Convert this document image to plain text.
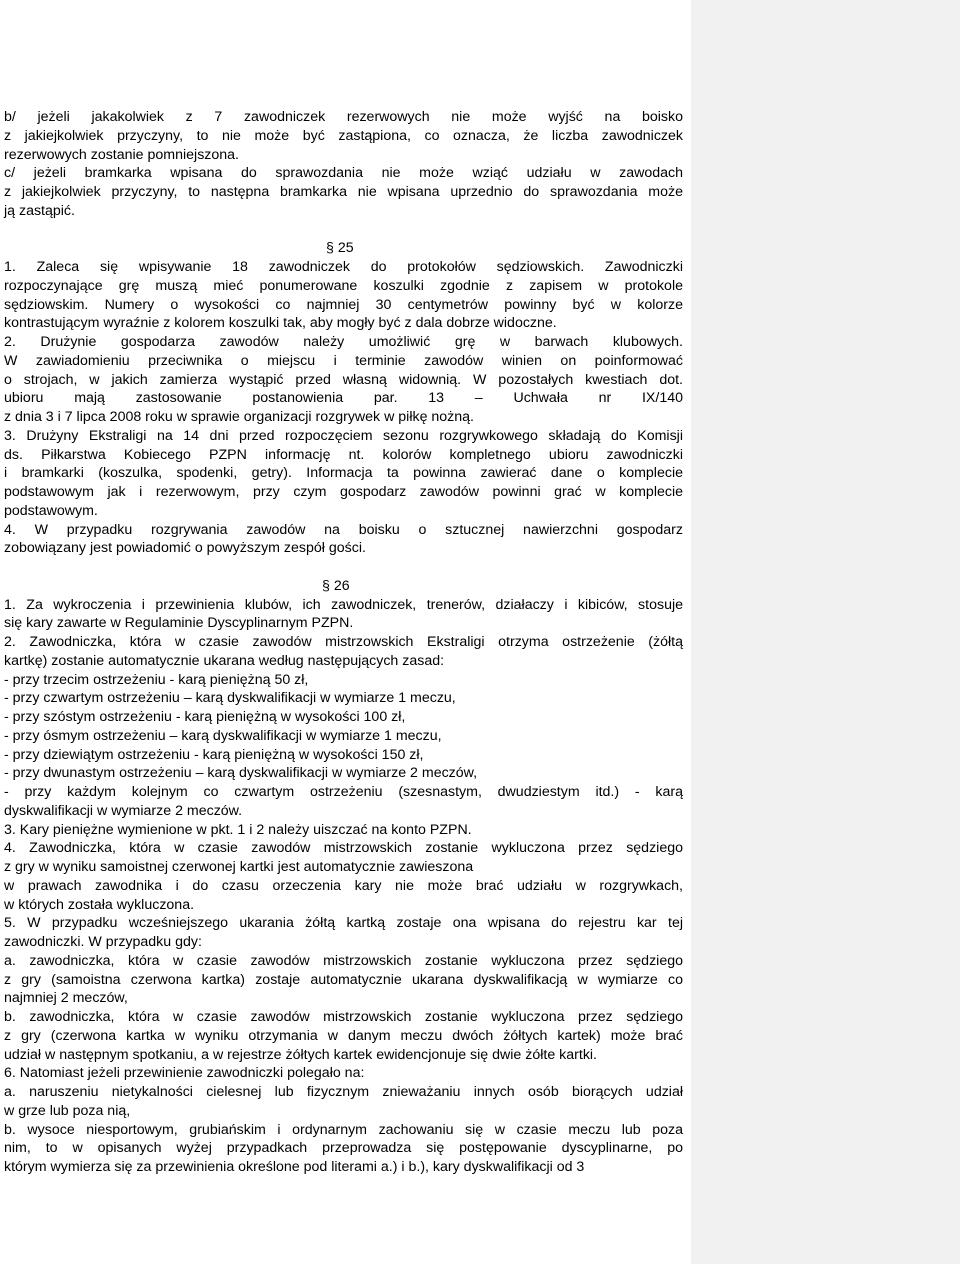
b/ jeżeli jakakolwiek z 7 zawodniczek rezerwowych nie może wyjść na boisko
z jakiejkolwiek przyczyny, to nie może być zastąpiona, co oznacza, że liczba zawodniczek
rezerwowych zostanie pomniejszona.
c/ jeżeli bramkarka wpisana do sprawozdania nie może wziąć udziału w zawodach
z jakiejkolwiek przyczyny, to następna bramkarka nie wpisana uprzednio do sprawozdania może
ją zastąpić.
§ 25
1. Zaleca się wpisywanie 18 zawodniczek do protokołów sędziowskich. Zawodniczki
rozpoczynające grę muszą mieć ponumerowane koszulki zgodnie z zapisem w protokole
sędziowskim. Numery o wysokości co najmniej 30 centymetrów powinny być w kolorze
kontrastującym wyraźnie z kolorem koszulki tak, aby mogły być z dala dobrze widoczne.
2. Drużynie gospodarza zawodów należy umożliwić grę w barwach klubowych.
W zawiadomieniu przeciwnika o miejscu i terminie zawodów winien on poinformować
o strojach, w jakich zamierza wystąpić przed własną widownią. W pozostałych kwestiach dot.
ubioru mają zastosowanie postanowienia par. 13 – Uchwała nr IX/140
z dnia 3 i 7 lipca 2008 roku w sprawie organizacji rozgrywek w piłkę nożną.
3. Drużyny Ekstraligi na 14 dni przed rozpoczęciem sezonu rozgrywkowego składają do Komisji
ds. Piłkarstwa Kobiecego PZPN informację nt. kolorów kompletnego ubioru zawodniczki
i bramkarki (koszulka, spodenki, getry). Informacja ta powinna zawierać dane o komplecie
podstawowym jak i rezerwowym, przy czym gospodarz zawodów powinni grać w komplecie
podstawowym.
4. W przypadku rozgrywania zawodów na boisku o sztucznej nawierzchni gospodarz
zobowiązany jest powiadomić o powyższym zespół gości.
§ 26
1. Za wykroczenia i przewinienia klubów, ich zawodniczek, trenerów, działaczy i kibiców, stosuje
się kary zawarte w Regulaminie Dyscyplinarnym PZPN.
2. Zawodniczka, która w czasie zawodów mistrzowskich Ekstraligi otrzyma ostrzeżenie (żółtą
kartkę) zostanie automatycznie ukarana według następujących zasad:
- przy trzecim ostrzeżeniu - karą pieniężną 50 zł,
- przy czwartym ostrzeżeniu – karą dyskwalifikacji w wymiarze 1 meczu,
- przy szóstym ostrzeżeniu - karą pieniężną w wysokości 100 zł,
- przy ósmym ostrzeżeniu – karą dyskwalifikacji w wymiarze 1 meczu,
- przy dziewiątym ostrzeżeniu - karą pieniężną w wysokości 150 zł,
- przy dwunastym ostrzeżeniu – karą dyskwalifikacji w wymiarze 2 meczów,
- przy każdym kolejnym co czwartym ostrzeżeniu (szesnastym, dwudziestym itd.) - karą
dyskwalifikacji w wymiarze 2 meczów.
3. Kary pieniężne wymienione w pkt. 1 i 2 należy uiszczać na konto PZPN.
4. Zawodniczka, która w czasie zawodów mistrzowskich zostanie wykluczona przez sędziego
z gry w wyniku samoistnej czerwonej kartki jest automatycznie zawieszona
w prawach zawodnika i do czasu orzeczenia kary nie może brać udziału w rozgrywkach,
w których została wykluczona.
5. W przypadku wcześniejszego ukarania żółtą kartką zostaje ona wpisana do rejestru kar tej
zawodniczki. W przypadku gdy:
a. zawodniczka, która w czasie zawodów mistrzowskich zostanie wykluczona przez sędziego
z gry (samoistna czerwona kartka) zostaje automatycznie ukarana dyskwalifikacją w wymiarze co
najmniej 2 meczów,
b. zawodniczka, która w czasie zawodów mistrzowskich zostanie wykluczona przez sędziego
z gry (czerwona kartka w wyniku otrzymania w danym meczu dwóch żółtych kartek) może brać
udział w następnym spotkaniu, a w rejestrze żółtych kartek ewidencjonuje się dwie żółte kartki.
6. Natomiast jeżeli przewinienie zawodniczki polegało na:
a. naruszeniu nietykalności cielesnej lub fizycznym znieważaniu innych osób biorących udział
w grze lub poza nią,
b. wysoce niesportowym, grubiańskim i ordynarnym zachowaniu się w czasie meczu lub poza
nim, to w opisanych wyżej przypadkach przeprowadza się postępowanie dyscyplinarne, po
którym wymierza się za przewinienia określone pod literami a.) i b.), kary dyskwalifikacji od 3
